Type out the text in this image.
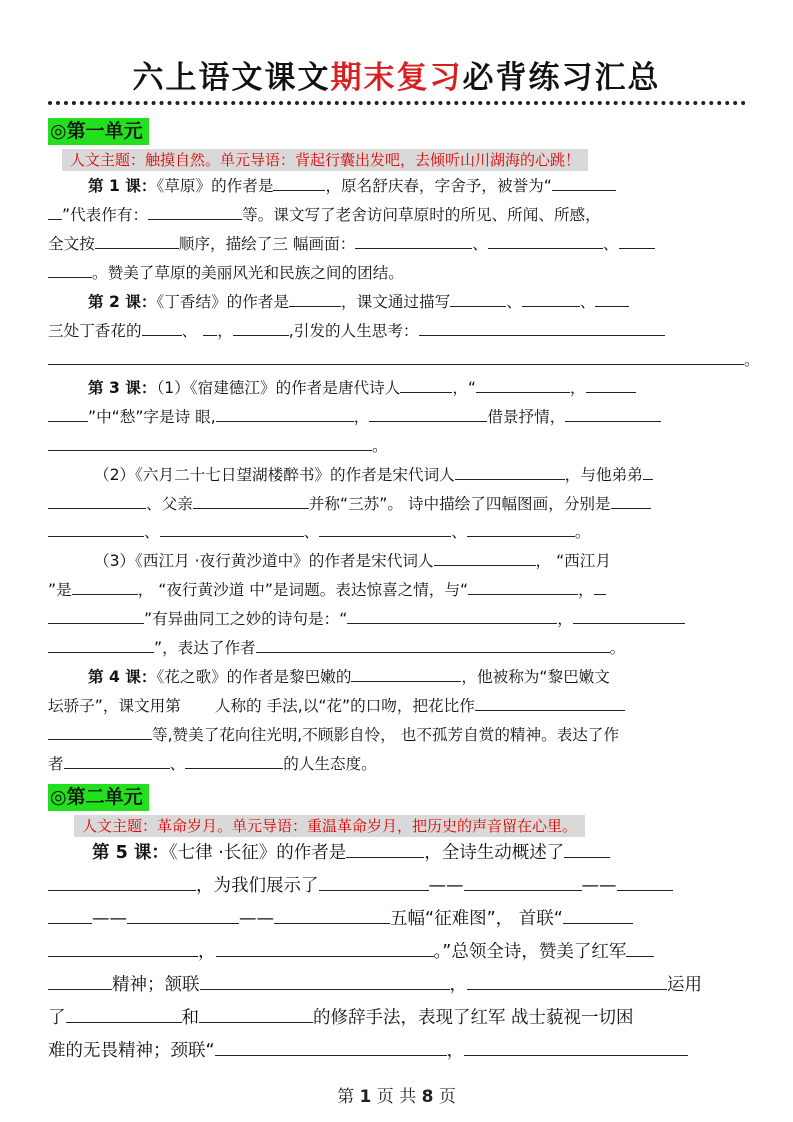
六上语文课文期末复习必背练习汇总
◎第一单元
人文主题：触摸自然。单元导语：背起行囊出发吧，去倾听山川湖海的心跳！
第 1 课：《草原》的作者是	，原名舒庆春，字舍予，被誉为“
”代表作有：	等。课文写了老舍访问草原时的所见、所闻、所感，
全文按	顺序，描绘了三 幅画面：	、	、
。赞美了草原的美丽风光和民族之间的团结。
第 2 课：《丁香结》的作者是	，课文通过描写	、	、
三处丁香花的	、 ，	,引发的人生思考：
。
第 3 课：（1）《宿建德江》的作者是唐代诗人	，“	，
”中“愁”字是诗 眼,	，	借景抒情，
。
（2）《六月二十七日望湖楼醉书》的作者是宋代词人	，与他弟弟
、父亲	并称“三苏”。 诗中描绘了四幅图画，分别是
、	、	、	。
（3）《西江月 ·夜行黄沙道中》的作者是宋代词人	， “西江月
”是	， “夜行黄沙道 中”是词题。表达惊喜之情，与“	，
”有异曲同工之妙的诗句是：“	，
”，表达了作者	。
第 4 课：《花之歌》的作者是黎巴嫩的	，他被称为“黎巴嫩文
坛骄子”，课文用第 人称的 手法,以“花”的口吻，把花比作
等,赞美了花向往光明,不顾影自怜， 也不孤芳自赏的精神。表达了作
者	、	的人生态度。
◎第二单元
人文主题：革命岁月。单元导语：重温革命岁月，把历史的声音留在心里。
第 5 课：《七律 ·长征》的作者是	，全诗生动概述了
，为我们展示了	——	——
——	——	五幅“征难图”， 首联“
，	。”总领全诗，赞美了红军
精神；颔联	，	运用
了	和	的修辞手法，表现了红军 战士藐视一切困
难的无畏精神；颈联“	，
第 1 页 共 8 页
